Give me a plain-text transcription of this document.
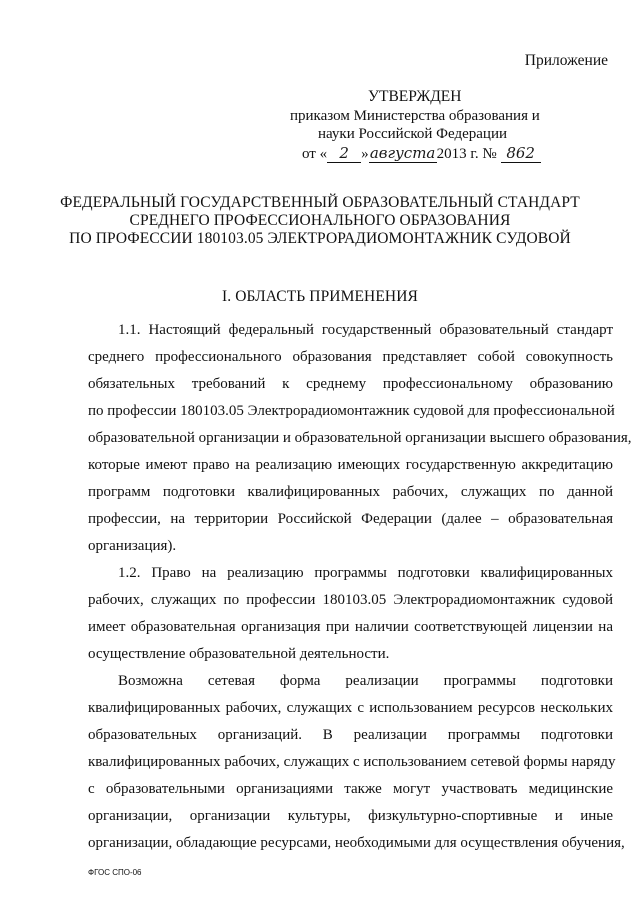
Приложение
УТВЕРЖДЕН
приказом Министерства образования и
науки Российской Федерации
от « 2 »августа2013 г. № 862
ФЕДЕРАЛЬНЫЙ ГОСУДАРСТВЕННЫЙ ОБРАЗОВАТЕЛЬНЫЙ СТАНДАРТ
СРЕДНЕГО ПРОФЕССИОНАЛЬНОГО ОБРАЗОВАНИЯ
ПО ПРОФЕССИИ 180103.05 ЭЛЕКТРОРАДИОМОНТАЖНИК СУДОВОЙ
I. ОБЛАСТЬ ПРИМЕНЕНИЯ
1.1. Настоящий федеральный государственный образовательный стандарт
среднего профессионального образования представляет собой совокупность
обязательных требований к среднему профессиональному образованию
по профессии 180103.05 Электрорадиомонтажник судовой для профессиональной
образовательной организации и образовательной организации высшего образования,
которые имеют право на реализацию имеющих государственную аккредитацию
программ подготовки квалифицированных рабочих, служащих по данной
профессии, на территории Российской Федерации (далее – образовательная
организация).
1.2. Право на реализацию программы подготовки квалифицированных
рабочих, служащих по профессии 180103.05 Электрорадиомонтажник судовой
имеет образовательная организация при наличии соответствующей лицензии на
осуществление образовательной деятельности.
Возможна сетевая форма реализации программы подготовки
квалифицированных рабочих, служащих с использованием ресурсов нескольких
образовательных организаций. В реализации программы подготовки
квалифицированных рабочих, служащих с использованием сетевой формы наряду
с образовательными организациями также могут участвовать медицинские
организации, организации культуры, физкультурно-спортивные и иные
организации, обладающие ресурсами, необходимыми для осуществления обучения,
ФГОС СПО-06
